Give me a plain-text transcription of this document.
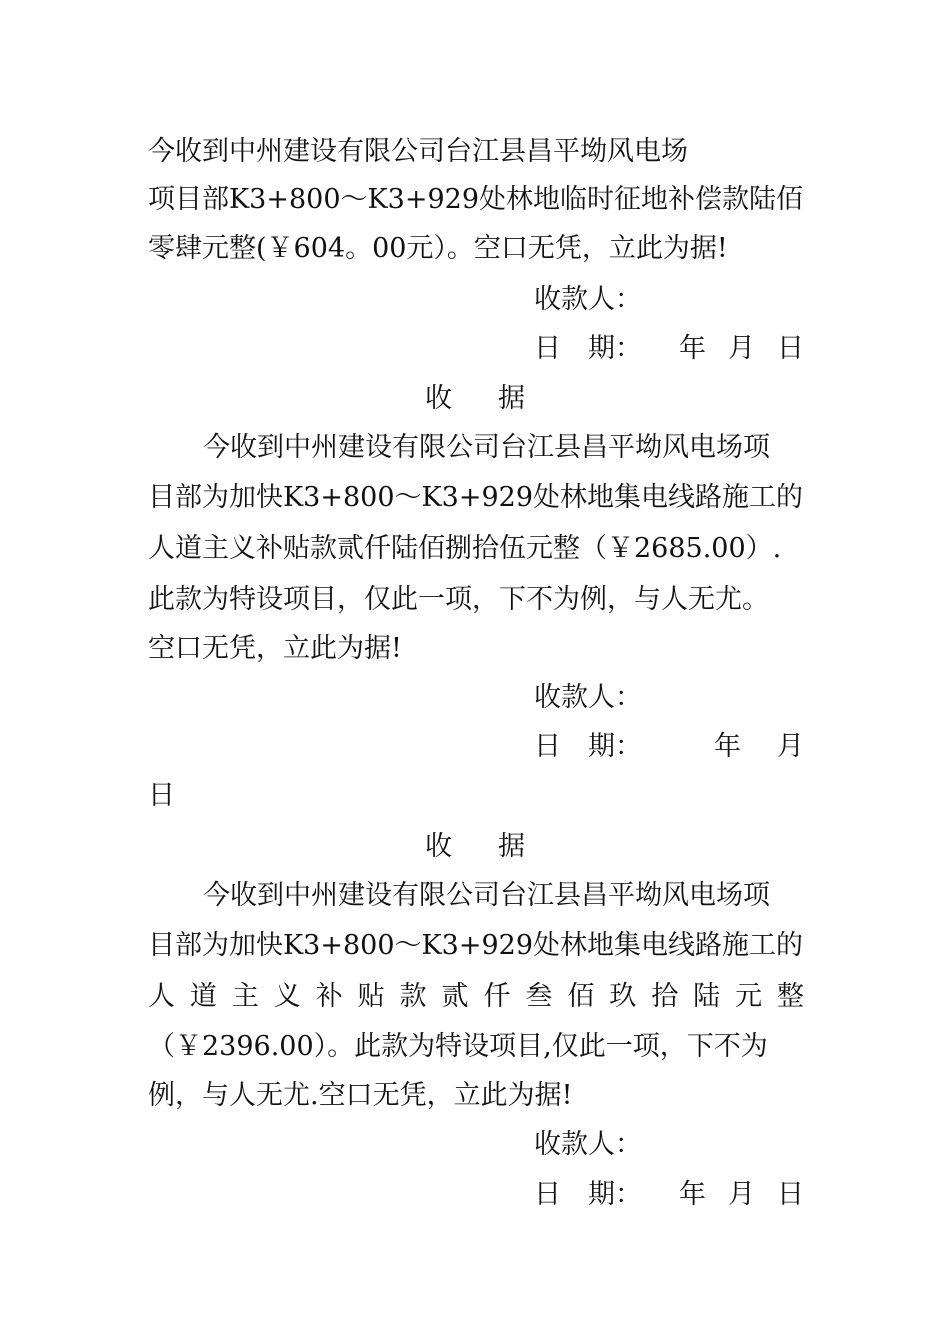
今收到中州建设有限公司台江县昌平坳风电场
项目部K3+800～K3+929处林地临时征地补偿款陆佰
零肆元整(￥604。00元）。空口无凭，立此为据!
收款人：
日　期： 年 月 日
收 据
今收到中州建设有限公司台江县昌平坳风电场项
目部为加快K3+800～K3+929处林地集电线路施工的
人道主义补贴款贰仟陆佰捌拾伍元整（￥2685.00）.
此款为特设项目，仅此一项，下不为例，与人无尤。
空口无凭，立此为据!
收款人：
日　期：	年 月
日
收 据
今收到中州建设有限公司台江县昌平坳风电场项
目部为加快K3+800～K3+929处林地集电线路施工的
人道主义补贴款贰仟叁佰玖拾陆元整
（￥2396.00）。此款为特设项目,仅此一项，下不为
例，与人无尤.空口无凭，立此为据!
收款人：
日　期： 年 月 日
